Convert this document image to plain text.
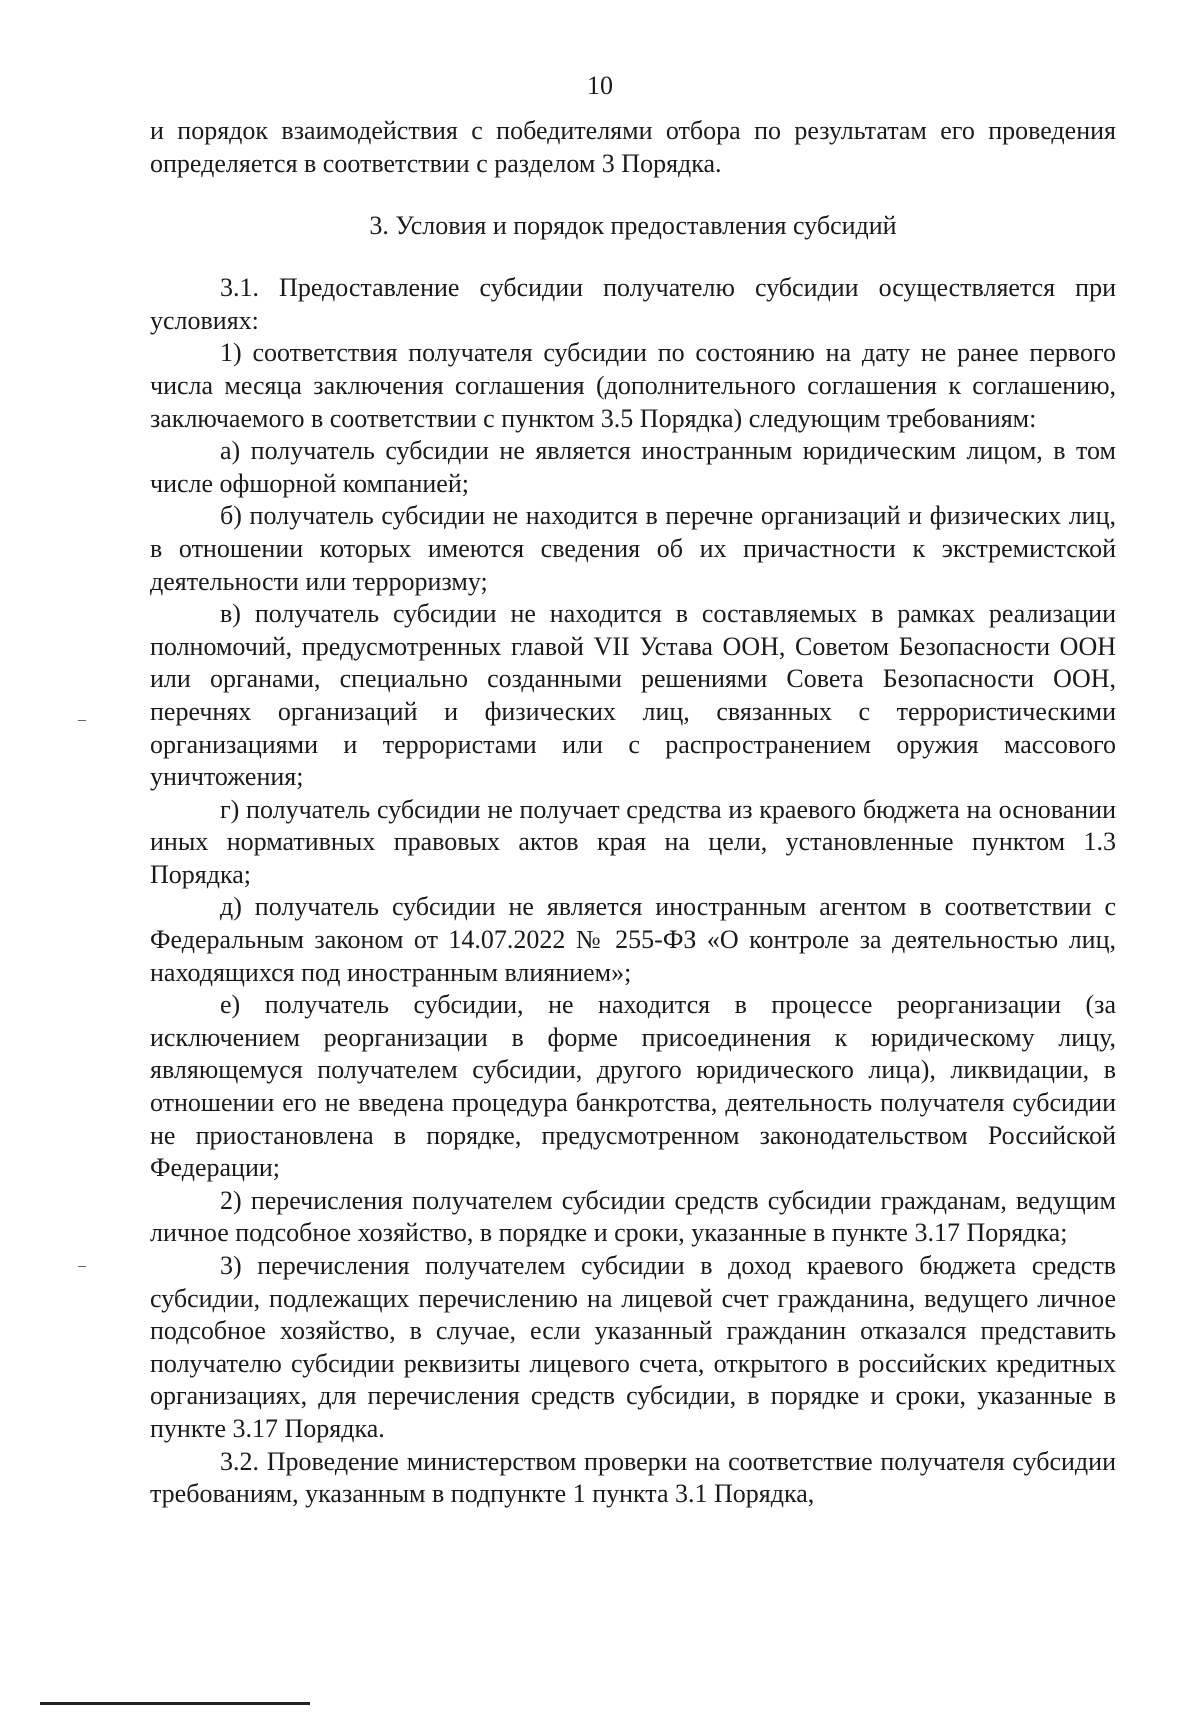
10

и порядок взаимодействия с победителями отбора по результатам его проведения определяется в соответствии с разделом 3 Порядка.

3. Условия и порядок предоставления субсидий

3.1. Предоставление субсидии получателю субсидии осуществляется при условиях:

1) соответствия получателя субсидии по состоянию на дату не ранее первого числа месяца заключения соглашения (дополнительного соглашения к соглашению, заключаемого в соответствии с пунктом 3.5 Порядка) следующим требованиям:

а) получатель субсидии не является иностранным юридическим лицом, в том числе офшорной компанией;

б) получатель субсидии не находится в перечне организаций и физических лиц, в отношении которых имеются сведения об их причастности к экстремистской деятельности или терроризму;

в) получатель субсидии не находится в составляемых в рамках реализации полномочий, предусмотренных главой VII Устава ООН, Советом Безопасности ООН или органами, специально созданными решениями Совета Безопасности ООН, перечнях организаций и физических лиц, связанных с террористическими организациями и террористами или с распространением оружия массового уничтожения;

г) получатель субсидии не получает средства из краевого бюджета на основании иных нормативных правовых актов края на цели, установленные пунктом 1.3 Порядка;

д) получатель субсидии не является иностранным агентом в соответствии с Федеральным законом от 14.07.2022 № 255-ФЗ «О контроле за деятельностью лиц, находящихся под иностранным влиянием»;

е) получатель субсидии, не находится в процессе реорганизации (за исключением реорганизации в форме присоединения к юридическому лицу, являющемуся получателем субсидии, другого юридического лица), ликвидации, в отношении его не введена процедура банкротства, деятельность получателя субсидии не приостановлена в порядке, предусмотренном законодательством Российской Федерации;

2) перечисления получателем субсидии средств субсидии гражданам, ведущим личное подсобное хозяйство, в порядке и сроки, указанные в пункте 3.17 Порядка;

3) перечисления получателем субсидии в доход краевого бюджета средств субсидии, подлежащих перечислению на лицевой счет гражданина, ведущего личное подсобное хозяйство, в случае, если указанный гражданин отказался представить получателю субсидии реквизиты лицевого счета, открытого в российских кредитных организациях, для перечисления средств субсидии, в порядке и сроки, указанные в пункте 3.17 Порядка.

3.2. Проведение министерством проверки на соответствие получателя субсидии требованиям, указанным в подпункте 1 пункта 3.1 Порядка,
